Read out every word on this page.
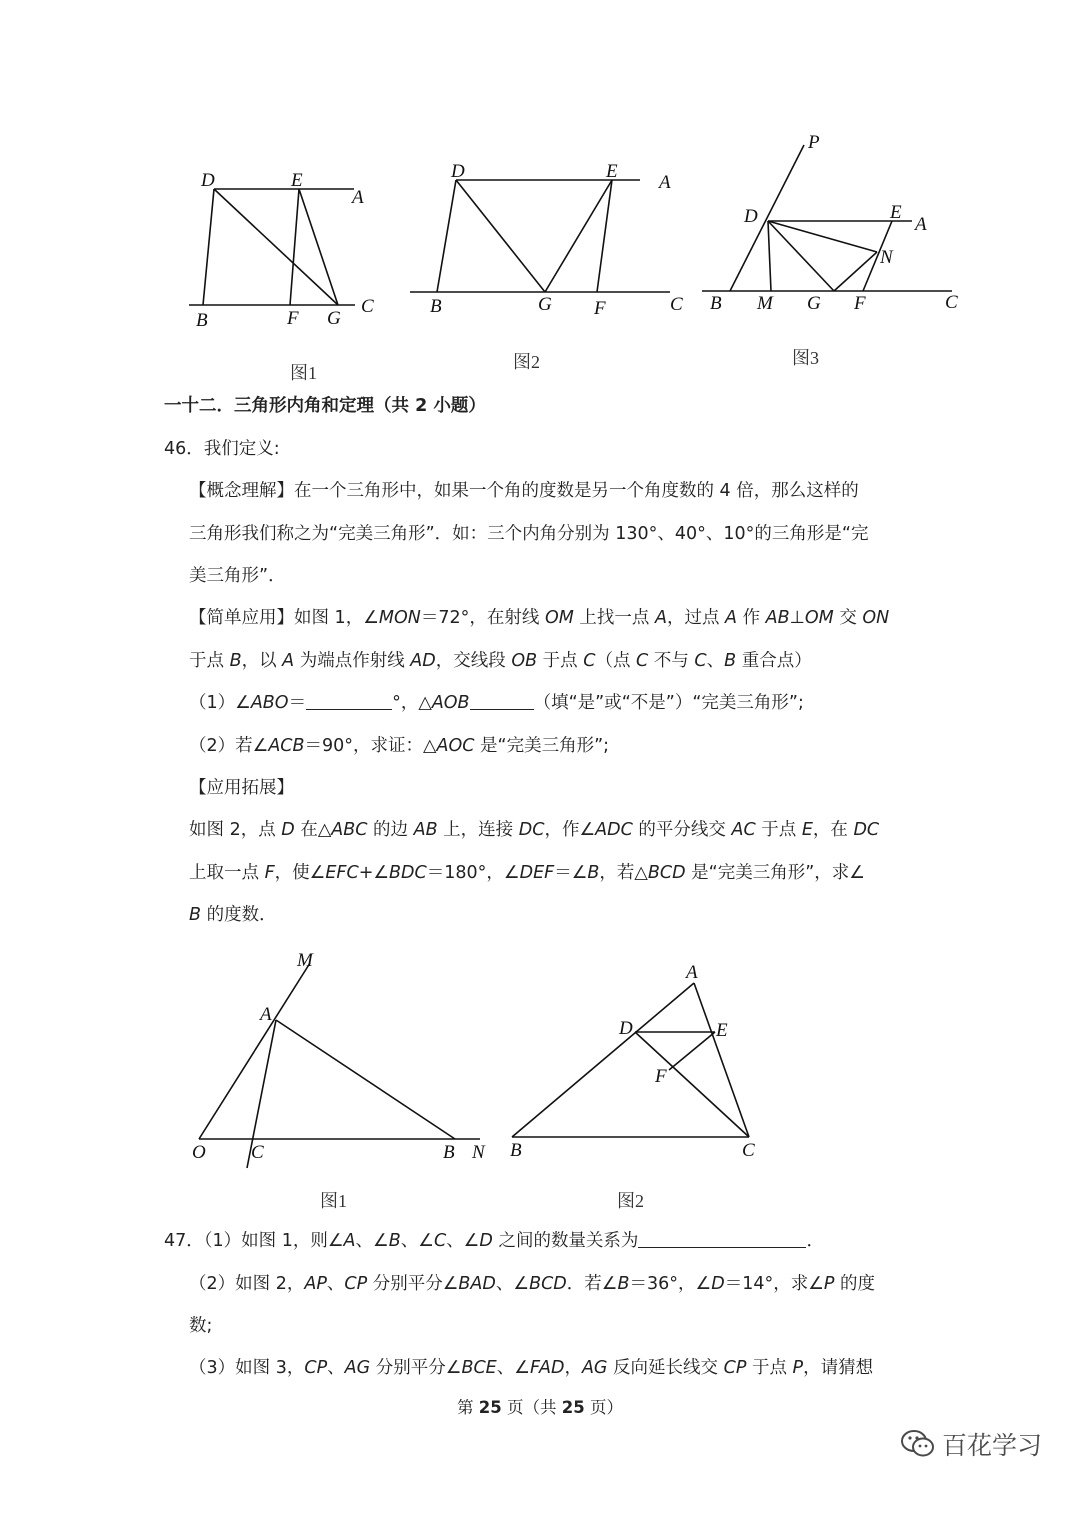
D	E
A
B	F G
C
图1
D	E
A
B	G F	C
图2
P
D	E
A
N
B M G F	C
图3
一十二．三角形内角和定理（共 2 小题）
46．我们定义:
【概念理解】在一个三角形中，如果一个角的度数是另一个角度数的 4 倍，那么这样的
三角形我们称之为“完美三角形”．如：三个内角分别为 130°、40°、10°的三角形是“完
美三角形”．
【简单应用】如图 1，∠MON＝72°，在射线 OM 上找一点 A，过点 A 作 AB⊥OM 交 ON
于点 B，以 A 为端点作射线 AD，交线段 OB 于点 C（点 C 不与 C、B 重合点）
（1）∠ABO＝	°，△AOB	（填“是”或“不是”）“完美三角形”;
（2）若∠ACB＝90°，求证：△AOC 是“完美三角形”;
【应用拓展】
如图 2，点 D 在△ABC 的边 AB 上，连接 DC，作∠ADC 的平分线交 AC 于点 E，在 DC
上取一点 F，使∠EFC+∠BDC＝180°，∠DEF＝∠B，若△BCD 是“完美三角形”，求∠
B 的度数．
M
A
O C	B N
图1
A
D	E
F
B	C
图2
47．（1）如图 1，则∠A、∠B、∠C、∠D 之间的数量关系为	．
（2）如图 2，AP、CP 分别平分∠BAD、∠BCD．若∠B＝36°，∠D＝14°，求∠P 的度
数;
（3）如图 3，CP、AG 分别平分∠BCE、∠FAD，AG 反向延长线交 CP 于点 P，请猜想
第 25 页（共 25 页）
百花学习
